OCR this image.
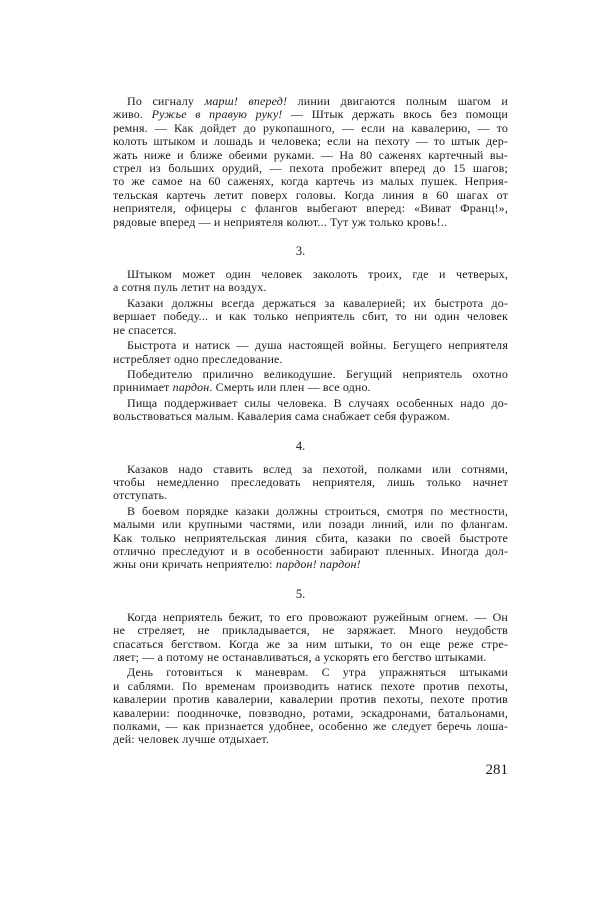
По сигналу марш! вперед! линии двигаются полным шагом и
живо. Ружье в правую руку! — Штык держать вкось без помощи
ремня. — Как дойдет до рукопашного, — если на кавалерию, — то
колоть штыком и лошадь и человека; если на пехоту — то штык дер-
жать ниже и ближе обеими руками. — На 80 саженях картечный вы-
стрел из больших орудий, — пехота пробежит вперед до 15 шагов;
то же самое на 60 саженях, когда картечь из малых пушек. Неприя-
тельская картечь летит поверх головы. Когда линия в 60 шагах от
неприятеля, офицеры с флангов выбегают вперед: «Виват Франц!»,
рядовые вперед — и неприятеля колют... Тут уж только кровь!..
3.
Штыком может один человек заколоть троих, где и четверых,
а сотня пуль летит на воздух.
Казаки должны всегда держаться за кавалерией; их быстрота до-
вершает победу... и как только неприятель сбит, то ни один человек
не спасется.
Быстрота и натиск — душа настоящей войны. Бегущего неприятеля
истребляет одно преследование.
Победителю прилично великодушие. Бегущий неприятель охотно
принимает пардон. Смерть или плен — все одно.
Пища поддерживает силы человека. В случаях особенных надо до-
вольствоваться малым. Кавалерия сама снабжает себя фуражом.
4.
Казаков надо ставить вслед за пехотой, полками или сотнями,
чтобы немедленно преследовать неприятеля, лишь только начнет
отступать.
В боевом порядке казаки должны строиться, смотря по местности,
малыми или крупными частями, или позади линий, или по флангам.
Как только неприятельская линия сбита, казаки по своей быстроте
отлично преследуют и в особенности забирают пленных. Иногда дол-
жны они кричать неприятелю: пардон! пардон!
5.
Когда неприятель бежит, то его провожают ружейным огнем. — Он
не стреляет, не прикладывается, не заряжает. Много неудобств
спасаться бегством. Когда же за ним штыки, то он еще реже стре-
ляет; — а потому не останавливаться, а ускорять его бегство штыками.
День готовиться к маневрам. С утра упражняться штыками
и саблями. По временам производить натиск пехоте против пехоты,
кавалерии против кавалерии, кавалерии против пехоты, пехоте против
кавалерии: поодиночке, повзводно, ротами, эскадронами, батальонами,
полками, — как признается удобнее, особенно же следует беречь лоша-
дей: человек лучше отдыхает.
281
